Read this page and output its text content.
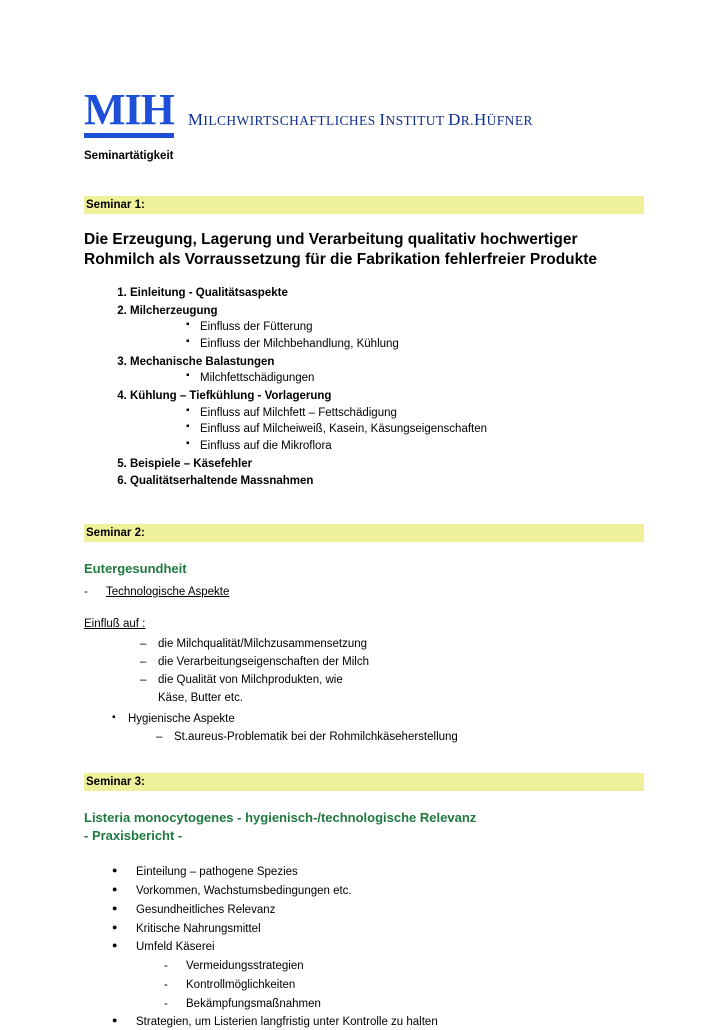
MIH MILCHWIRTSCHAFTLICHES INSTITUT DR.HÜFNER
Seminartätigkeit
Seminar 1:
Die Erzeugung, Lagerung und Verarbeitung qualitativ hochwertiger Rohmilch als Vorraussetzung für die Fabrikation fehlerfreier Produkte
1. Einleitung - Qualitätsaspekte
2. Milcherzeugung
▪ Einfluss der Fütterung
▪ Einfluss der Milchbehandlung, Kühlung
3. Mechanische Balastungen
▪ Milchfettschädigungen
4. Kühlung – Tiefkühlung - Vorlagerung
▪ Einfluss auf Milchfett – Fettschädigung
▪ Einfluss auf Milcheiweiß, Kasein, Käsungseigenschaften
▪ Einfluss auf die Mikroflora
5. Beispiele – Käsefehler
6. Qualitätserhaltende Massnahmen
Seminar 2:
Eutergesundheit
- Technologische Aspekte
Einfluß auf :
– die Milchqualität/Milchzusammensetzung
– die Verarbeitungseigenschaften der Milch
– die Qualität von Milchprodukten, wie
Käse, Butter etc.
▪ Hygienische Aspekte
– St.aureus-Problematik bei der Rohmilchkäseherstellung
Seminar 3:
Listeria monocytogenes - hygienisch-/technologische Relevanz
- Praxisbericht -
● Einteilung – pathogene Spezies
● Vorkommen, Wachstumsbedingungen etc.
● Gesundheitliches Relevanz
● Kritische Nahrungsmittel
● Umfeld Käserei
- Vermeidungsstrategien
- Kontrollmöglichkeiten
- Bekämpfungsmaßnahmen
● Strategien, um Listerien langfristig unter Kontrolle zu halten
